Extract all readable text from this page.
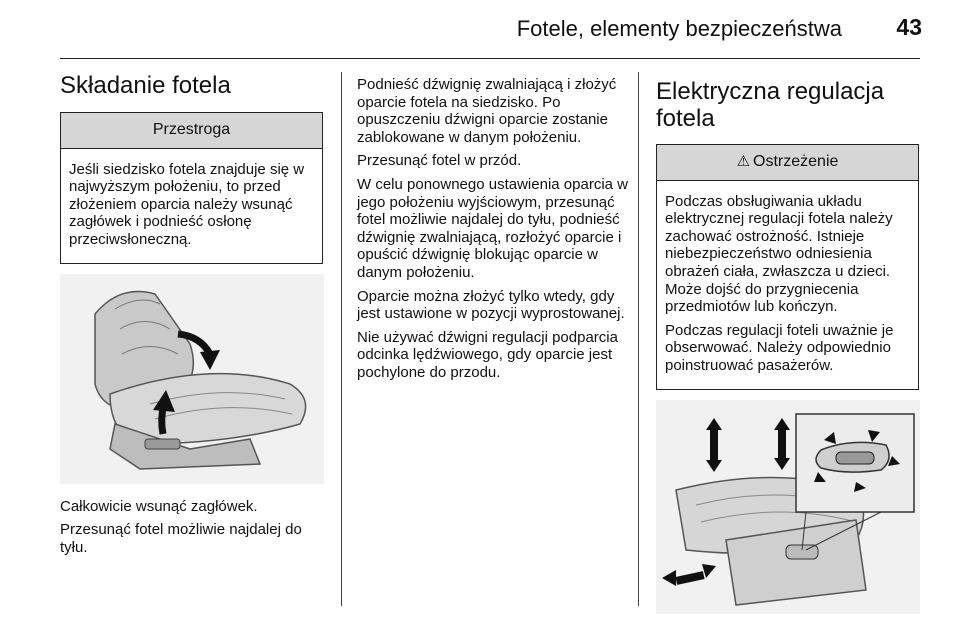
Fotele, elementy bezpieczeństwa 43
Składanie fotela
Przestroga

Jeśli siedzisko fotela znajduje się w najwyższym położeniu, to przed złożeniem oparcia należy wsunąć zagłówek i podnieść osłonę przeciwsłoneczną.

Całkowicie wsunąć zagłówek.

Przesunąć fotel możliwie najdalej do tyłu.

Podnieść dźwignię zwalniającą i złożyć oparcie fotela na siedzisko. Po opuszczeniu dźwigni oparcie zostanie zablokowane w danym położeniu.

Przesunąć fotel w przód.

W celu ponownego ustawienia oparcia w jego położeniu wyjściowym, przesunąć fotel możliwie najdalej do tyłu, podnieść dźwignię zwalniającą, rozłożyć oparcie i opuścić dźwignię blokując oparcie w danym położeniu.

Oparcie można złożyć tylko wtedy, gdy jest ustawione w pozycji wyprostowanej.

Nie używać dźwigni regulacji podparcia odcinka lędźwiowego, gdy oparcie jest pochylone do przodu.

Elektryczna regulacja fotela
⚠ Ostrzeżenie

Podczas obsługiwania układu elektrycznej regulacji fotela należy zachować ostrożność. Istnieje niebezpieczeństwo odniesienia obrażeń ciała, zwłaszcza u dzieci. Może dojść do przygniecenia przedmiotów lub kończyn.

Podczas regulacji foteli uważnie je obserwować. Należy odpowiednio poinstruować pasażerów.
